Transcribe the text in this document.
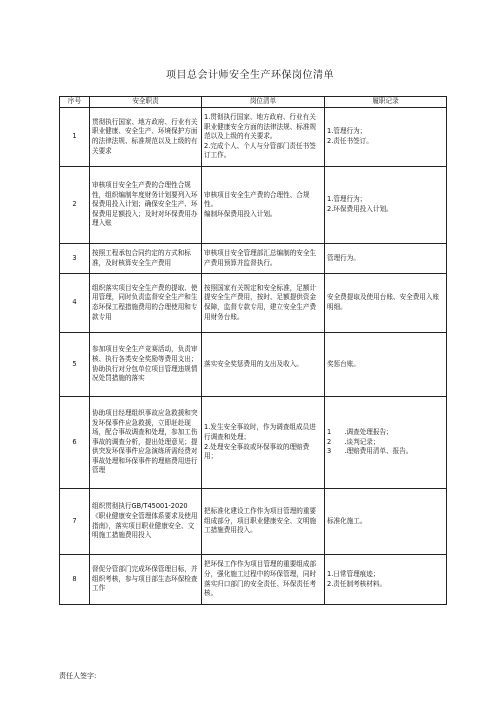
项目总会计师安全生产环保岗位清单
序号	安全职责	岗位清单	履职记录
1	贯彻执行国家、地方政府、行业有关职业健康、安全生产、环境保护方面的法律法规、标准规范以及上级的有关要求	1.贯彻执行国家、地方政府、行业有关职业健康安全方面的法律法规、标准规范以及上级的有关要求。
2.完成个人、个人与分管部门责任书签订工作。	1.管理行为；
2.责任书签订。

2	审核项目安全生产费的合理性合规性，组织编制年度财务计划要列入环保费用投入计划；确保安全生产、环保费用足额投入；及时对环保费用办理入账	审核项目安全生产费的合理性、合规性。
编制环保费用投入计划。	1.管理行为；
2.环保费用投入计划。

3	按照工程承包合同约定的方式和标准，及时核算安全生产费用	审核项目安全管理部汇总编制的安全生产费用预算并监督执行。	管理行为。

4	组织落实项目安全生产费的提取、使用管理，同时负责监督安全生产和生态环保工程措施费用的合理使用和专款专用	按照国家有关规定和安全标准，足额计提安全生产费用，按时、足额提供资金保障，监督专款专用，建立安全生产费用财务台账。	安全费提取及使用台账、安全费用入账明细。

5	参加项目安全生产竞赛活动，负责审核、执行各类安全奖励等费用支出；协助执行对分包单位项目管理违规情况处罚措施的落实	落实安全奖惩费用的支出及收入。	奖惩台账。

6	协助项目经理组织事故应急救援和突发环保事件应急救援，立即赶赴现场，配合事故调查和处理，参加工伤事故的调查分析，提出处理意见；提供突发环保事件应急演练所需经费对事故处理和环保事件的理赔费用进行管理	1.发生安全事故时，作为调查组成员进行调查和处理；
2.处理安全事故或环保事故的理赔费用；	1　　.调查处理报告；
2　　.谈判记录；
3　　.理赔费用清单、报告。

7	组织贯彻执行GB/T45001-2020《职业健康安全管理体系要求及使用指南》，落实项目职业健康安全、文明施工措施费用投入	把标准化建设工作作为项目管理的重要组成部分，项目职业健康安全、文明施工措施费用投入。	标准化施工。

8	督促分管部门完成环保管理目标，并组织考核，参与项目部生态环保检查工作	把环保工作作为项目管理的重要组成部分，强化施工过程中的环保管理，同时落实归口部门的安全责任、环保责任考核。	1.日常管理痕迹；
2.责任制考核材料。
责任人签字:
